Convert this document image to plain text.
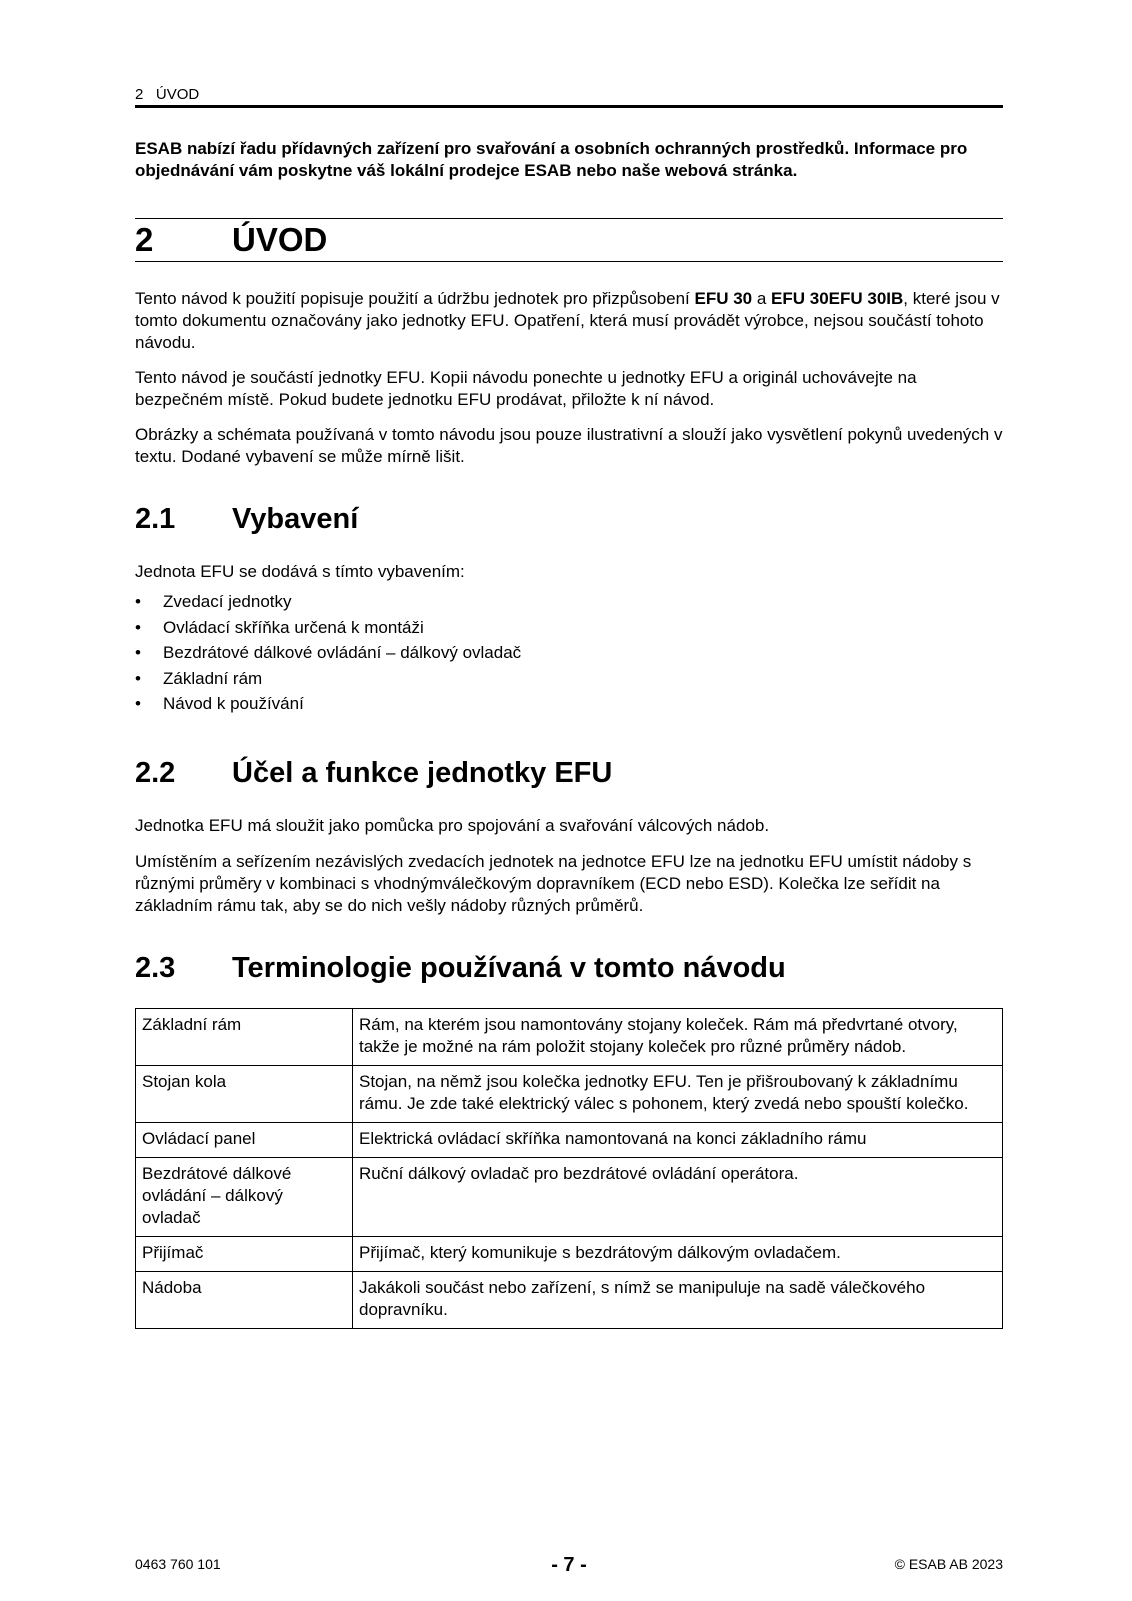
2 ÚVOD

ESAB nabízí řadu přídavných zařízení pro svařování a osobních ochranných prostředků. Informace pro objednávání vám poskytne váš lokální prodejce ESAB nebo naše webová stránka.

2 ÚVOD

Tento návod k použití popisuje použití a údržbu jednotek pro přizpůsobení EFU 30 a EFU 30EFU 30IB, které jsou v tomto dokumentu označovány jako jednotky EFU. Opatření, která musí provádět výrobce, nejsou součástí tohoto návodu.

Tento návod je součástí jednotky EFU. Kopii návodu ponechte u jednotky EFU a originál uchovávejte na bezpečném místě. Pokud budete jednotku EFU prodávat, přiložte k ní návod.

Obrázky a schémata používaná v tomto návodu jsou pouze ilustrativní a slouží jako vysvětlení pokynů uvedených v textu. Dodané vybavení se může mírně lišit.

2.1 Vybavení

Jednota EFU se dodává s tímto vybavením:

• Zvedací jednotky
• Ovládací skříňka určená k montáži
• Bezdrátové dálkové ovládání – dálkový ovladač
• Základní rám
• Návod k používání
2.2 Účel a funkce jednotky EFU

Jednotka EFU má sloužit jako pomůcka pro spojování a svařování válcových nádob.

Umístěním a seřízením nezávislých zvedacích jednotek na jednotce EFU lze na jednotku EFU umístit nádoby s různými průměry v kombinaci s vhodnýmválečkovým dopravníkem (ECD nebo ESD). Kolečka lze seřídit na základním rámu tak, aby se do nich vešly nádoby různých průměrů.

2.3 Terminologie používaná v tomto návodu
Základní rám	Rám, na kterém jsou namontovány stojany koleček. Rám má předvrtané otvory, takže je možné na rám položit stojany koleček pro různé průměry nádob.
Stojan kola	Stojan, na němž jsou kolečka jednotky EFU. Ten je přišroubovaný k základnímu rámu. Je zde také elektrický válec s pohonem, který zvedá nebo spouští kolečko.
Ovládací panel	Elektrická ovládací skříňka namontovaná na konci základního rámu
Bezdrátové dálkové ovládání – dálkový ovladač	Ruční dálkový ovladač pro bezdrátové ovládání operátora.
Přijímač	Přijímač, který komunikuje s bezdrátovým dálkovým ovladačem.
Nádoba	Jakákoli součást nebo zařízení, s nímž se manipuluje na sadě válečkového dopravníku.
0463 760 101	- 7 -	© ESAB AB 2023
